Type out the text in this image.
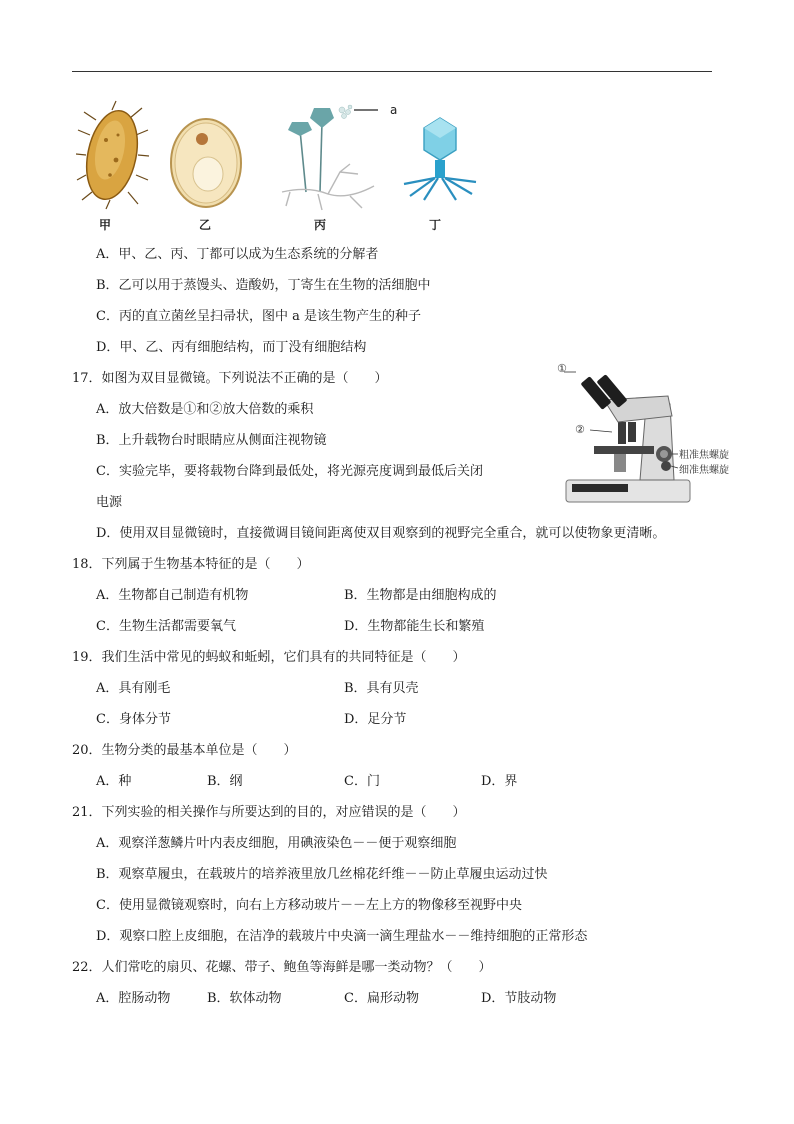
甲	乙
a
丙	丁
A．甲、乙、丙、丁都可以成为生态系统的分解者
B．乙可以用于蒸馒头、造酸奶，丁寄生在生物的活细胞中
C．丙的直立菌丝呈扫帚状，图中 a 是该生物产生的种子
D．甲、乙、丙有细胞结构，而丁没有细胞结构
17．如图为双目显微镜。下列说法不正确的是（　　）
A．放大倍数是①和②放大倍数的乘积
B．上升载物台时眼睛应从侧面注视物镜
C．实验完毕，要将载物台降到最低处，将光源亮度调到最低后关闭
电源
D．使用双目显微镜时，直接微调目镜间距离使双目观察到的视野完全重合，就可以使物象更清晰。
①
②
粗准焦螺旋
细准焦螺旋
18．下列属于生物基本特征的是（　　）
A．生物都自己制造有机物	B．生物都是由细胞构成的
C．生物生活都需要氧气	D．生物都能生长和繁殖
19．我们生活中常见的蚂蚁和蚯蚓，它们具有的共同特征是（　　）
A．具有刚毛	B．具有贝壳
C．身体分节	D．足分节
20．生物分类的最基本单位是（　　）
A．种	B．纲	C．门	D．界
21．下列实验的相关操作与所要达到的目的，对应错误的是（　　）
A．观察洋葱鳞片叶内表皮细胞，用碘液染色－－便于观察细胞
B．观察草履虫，在载玻片的培养液里放几丝棉花纤维－－防止草履虫运动过快
C．使用显微镜观察时，向右上方移动玻片－－左上方的物像移至视野中央
D．观察口腔上皮细胞，在洁净的载玻片中央滴一滴生理盐水－－维持细胞的正常形态
22．人们常吃的扇贝、花螺、带子、鲍鱼等海鲜是哪一类动物？（　　）
A．腔肠动物	B．软体动物	C．扁形动物	D．节肢动物
